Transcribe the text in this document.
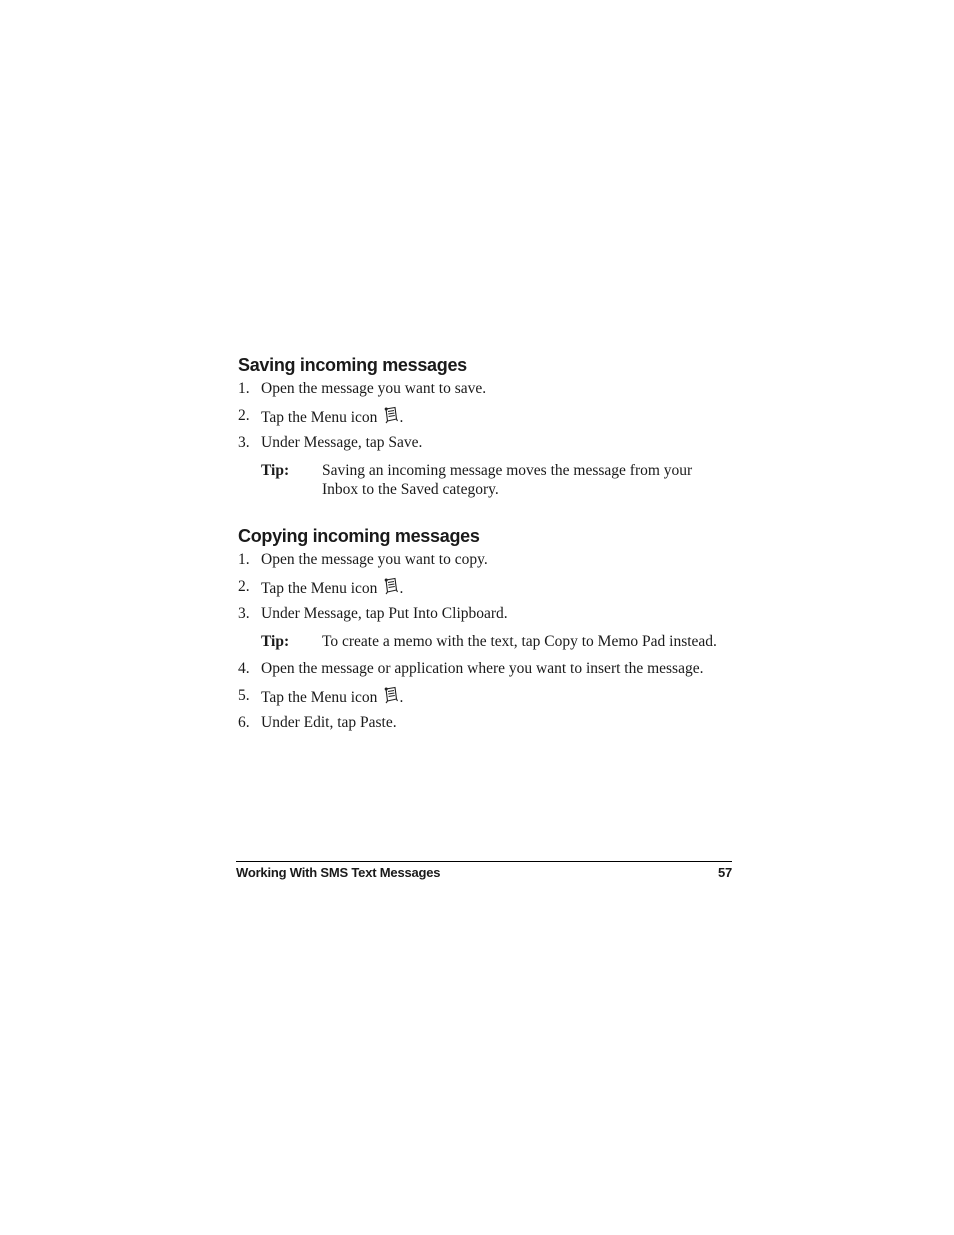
Saving incoming messages
1. Open the message you want to save.
2. Tap the Menu icon .
3. Under Message, tap Save.
Tip:	Saving an incoming message moves the message from your Inbox to the Saved category.
Copying incoming messages
1. Open the message you want to copy.
2. Tap the Menu icon .
3. Under Message, tap Put Into Clipboard.
Tip:	To create a memo with the text, tap Copy to Memo Pad instead.
4. Open the message or application where you want to insert the message.
5. Tap the Menu icon .
6. Under Edit, tap Paste.
Working With SMS Text Messages	57
